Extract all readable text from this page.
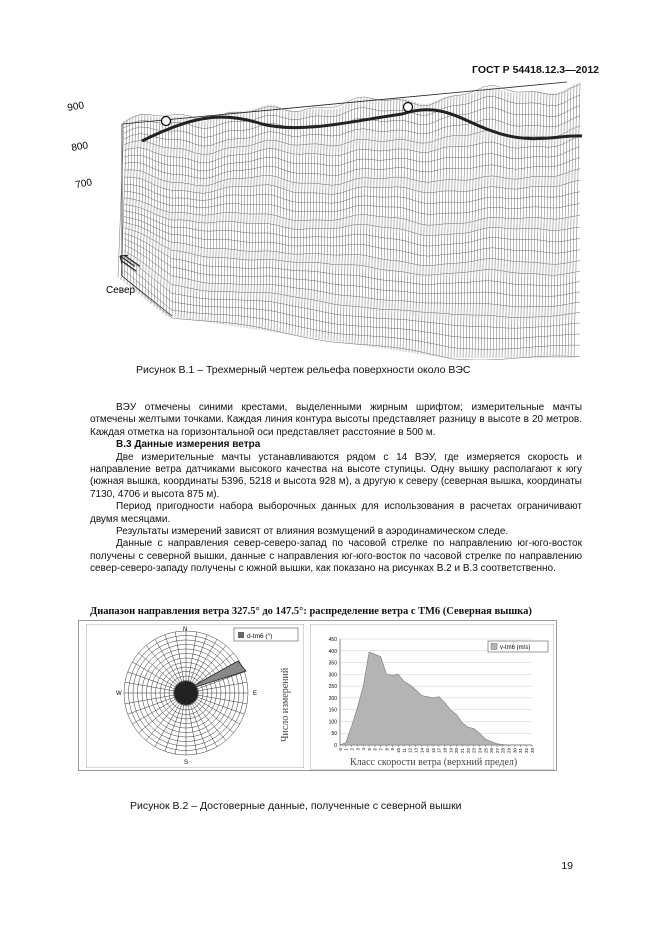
ГОСТ Р 54418.12.3—2012
900
800
700
Север
Рисунок В.1 – Трехмерный чертеж рельефа поверхности около ВЭС

ВЭУ отмечены синими крестами, выделенными жирным шрифтом; измерительные мачты отмечены желтыми точками. Каждая линия контура высоты представляет разницу в высоте в 20 метров. Каждая отметка на горизонтальной оси представляет расстояние в 500 м.

В.3 Данные измерения ветра

Две измерительные мачты устанавливаются рядом с 14 ВЭУ, где измеряется скорость и направление ветра датчиками высокого качества на высоте ступицы. Одну вышку располагают к югу (южная вышка, координаты 5396, 5218 и высота 928 м), а другую к северу (северная вышка, координаты 7130, 4706 и высота 875 м).

Период пригодности набора выборочных данных для использования в расчетах ограничивают двумя месяцами.

Результаты измерений зависят от влияния возмущений в аэродинамическом следе.

Данные с направления север-северо-запад по часовой стрелке по направлению юг-юго-восток получены с северной вышки, данные с направления юг-юго-восток по часовой стрелке по направлению север-северо-западу получены с южной вышки, как показано на рисунках В.2 и В.3 соответственно.

Диапазон направления ветра 327.5° до 147.5°: распределение ветра с ТМ6 (Северная вышка)
d-tm6 (°)
N
E
S
W
0
50
100
150
200
250
300
350
400
450
0 1 2 3 4 5 6 7 8 9 10 11 12 13 14 15 16 17 18 19 20 21 22 23 24 25 26 27 28 29 30 31 32 33
v-tm6 (m/s)
Класс скорости ветра (верхний предел)
Число измерений
Рисунок В.2 – Достоверные данные, полученные с северной вышки
19
